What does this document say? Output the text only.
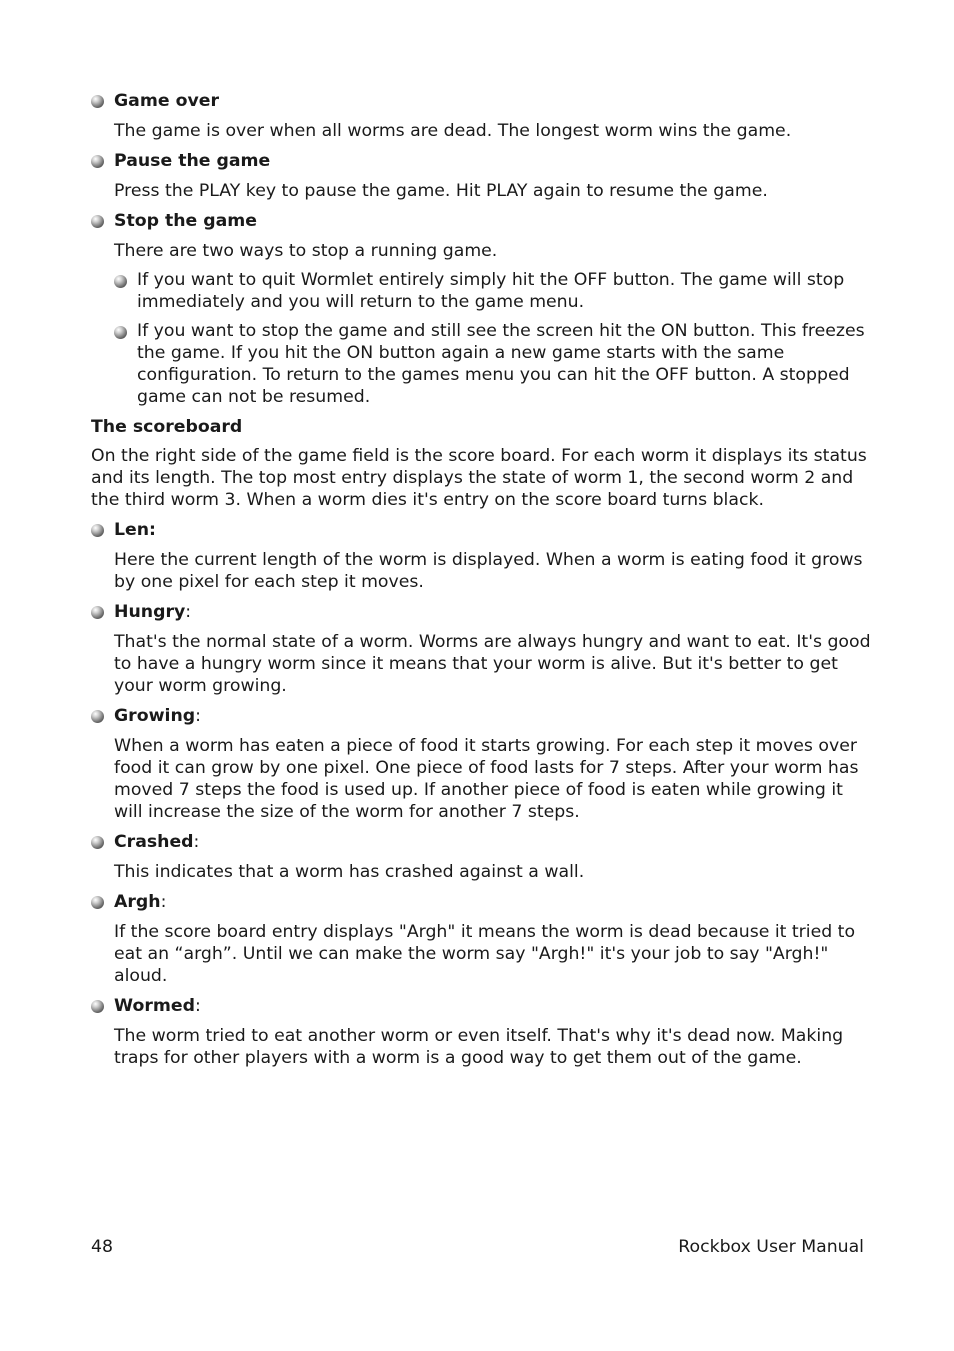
Game over

The game is over when all worms are dead. The longest worm wins the game.

Pause the game

Press the PLAY key to pause the game. Hit PLAY again to resume the game.

Stop the game

There are two ways to stop a running game.

If you want to quit Wormlet entirely simply hit the OFF button. The game will stop immediately and you will return to the game menu.

If you want to stop the game and still see the screen hit the ON button. This freezes the game. If you hit the ON button again a new game starts with the same configuration. To return to the games menu you can hit the OFF button. A stopped game can not be resumed.

The scoreboard

On the right side of the game field is the score board. For each worm it displays its status and its length. The top most entry displays the state of worm 1, the second worm 2 and the third worm 3. When a worm dies it's entry on the score board turns black.

Len:

Here the current length of the worm is displayed. When a worm is eating food it grows by one pixel for each step it moves.

Hungry:

That's the normal state of a worm. Worms are always hungry and want to eat. It's good to have a hungry worm since it means that your worm is alive. But it's better to get your worm growing.

Growing:

When a worm has eaten a piece of food it starts growing. For each step it moves over food it can grow by one pixel. One piece of food lasts for 7 steps. After your worm has moved 7 steps the food is used up. If another piece of food is eaten while growing it will increase the size of the worm for another 7 steps.

Crashed:

This indicates that a worm has crashed against a wall.

Argh:

If the score board entry displays "Argh" it means the worm is dead because it tried to eat an “argh”. Until we can make the worm say "Argh!" it's your job to say "Argh!" aloud.

Wormed:

The worm tried to eat another worm or even itself. That's why it's dead now. Making traps for other players with a worm is a good way to get them out of the game.

48	Rockbox User Manual
